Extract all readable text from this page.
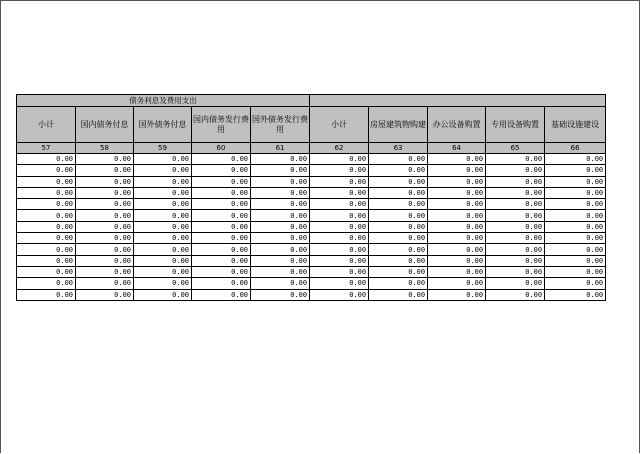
债务利息及费用支出									
小计	国内债务付息	国外债务付息	国内债务发行费用	国外债务发行费用	小计	房屋建筑物购建	办公设备购置	专用设备购置	基础设施建设
57	58	59	60	61	62	63	64	65	66
0.00	0.00	0.00	0.00	0.00	0.00	0.00	0.00	0.00	0.00
0.00	0.00	0.00	0.00	0.00	0.00	0.00	0.00	0.00	0.00
0.00	0.00	0.00	0.00	0.00	0.00	0.00	0.00	0.00	0.00
0.00	0.00	0.00	0.00	0.00	0.00	0.00	0.00	0.00	0.00
0.00	0.00	0.00	0.00	0.00	0.00	0.00	0.00	0.00	0.00
0.00	0.00	0.00	0.00	0.00	0.00	0.00	0.00	0.00	0.00
0.00	0.00	0.00	0.00	0.00	0.00	0.00	0.00	0.00	0.00
0.00	0.00	0.00	0.00	0.00	0.00	0.00	0.00	0.00	0.00
0.00	0.00	0.00	0.00	0.00	0.00	0.00	0.00	0.00	0.00
0.00	0.00	0.00	0.00	0.00	0.00	0.00	0.00	0.00	0.00
0.00	0.00	0.00	0.00	0.00	0.00	0.00	0.00	0.00	0.00
0.00	0.00	0.00	0.00	0.00	0.00	0.00	0.00	0.00	0.00
0.00	0.00	0.00	0.00	0.00	0.00	0.00	0.00	0.00	0.00
